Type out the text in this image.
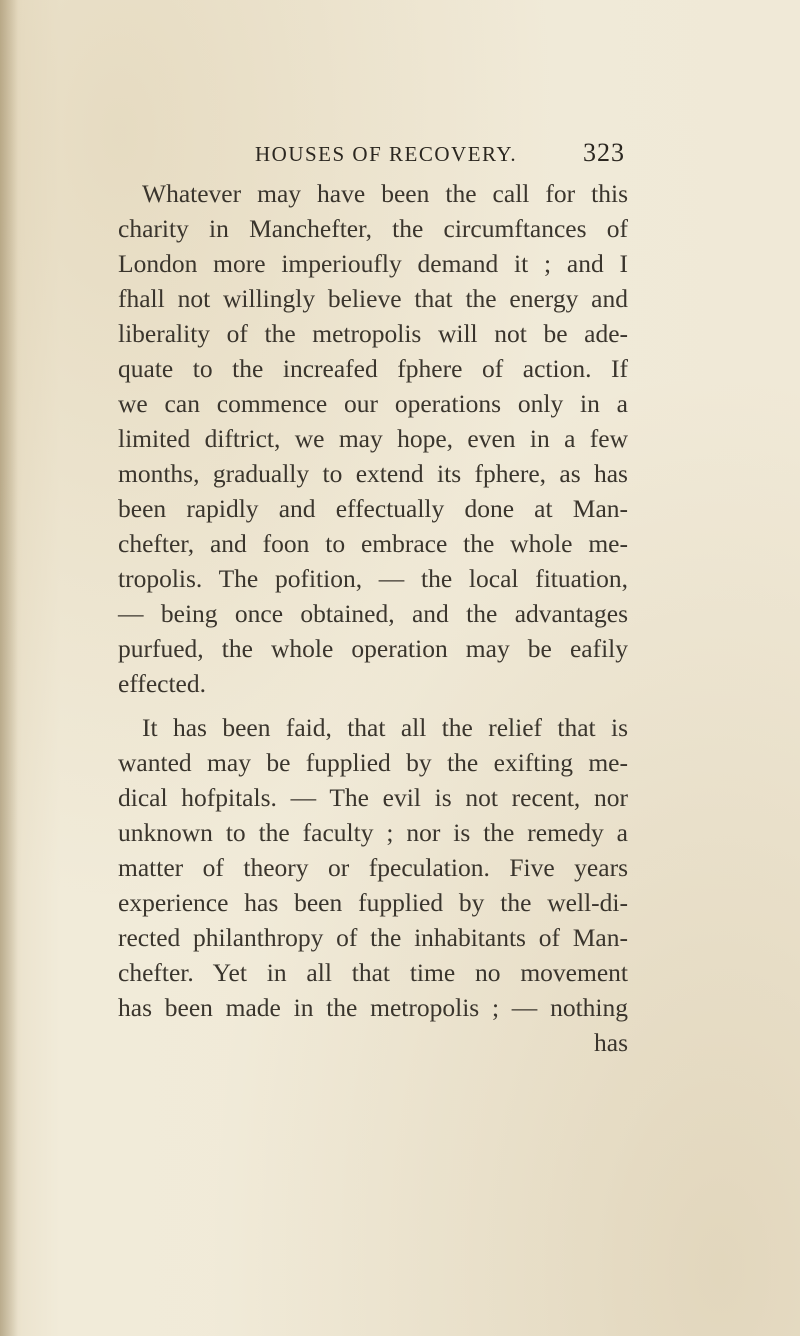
HOUSES OF RECOVERY.	323
Whatever may have been the call for this
charity in Manchefter, the circumftances of
London more imperioufly demand it ; and I
fhall not willingly believe that the energy and
liberality of the metropolis will not be ade-
quate to the increafed fphere of action. If
we can commence our operations only in a
limited diftrict, we may hope, even in a few
months, gradually to extend its fphere, as has
been rapidly and effectually done at Man-
chefter, and foon to embrace the whole me-
tropolis. The pofition, — the local fituation,
— being once obtained, and the advantages
purfued, the whole operation may be eafily
effected.
It has been faid, that all the relief that is
wanted may be fupplied by the exifting me-
dical hofpitals. — The evil is not recent, nor
unknown to the faculty ; nor is the remedy a
matter of theory or fpeculation. Five years
experience has been fupplied by the well-di-
rected philanthropy of the inhabitants of Man-
chefter. Yet in all that time no movement
has been made in the metropolis ; — nothing
has
